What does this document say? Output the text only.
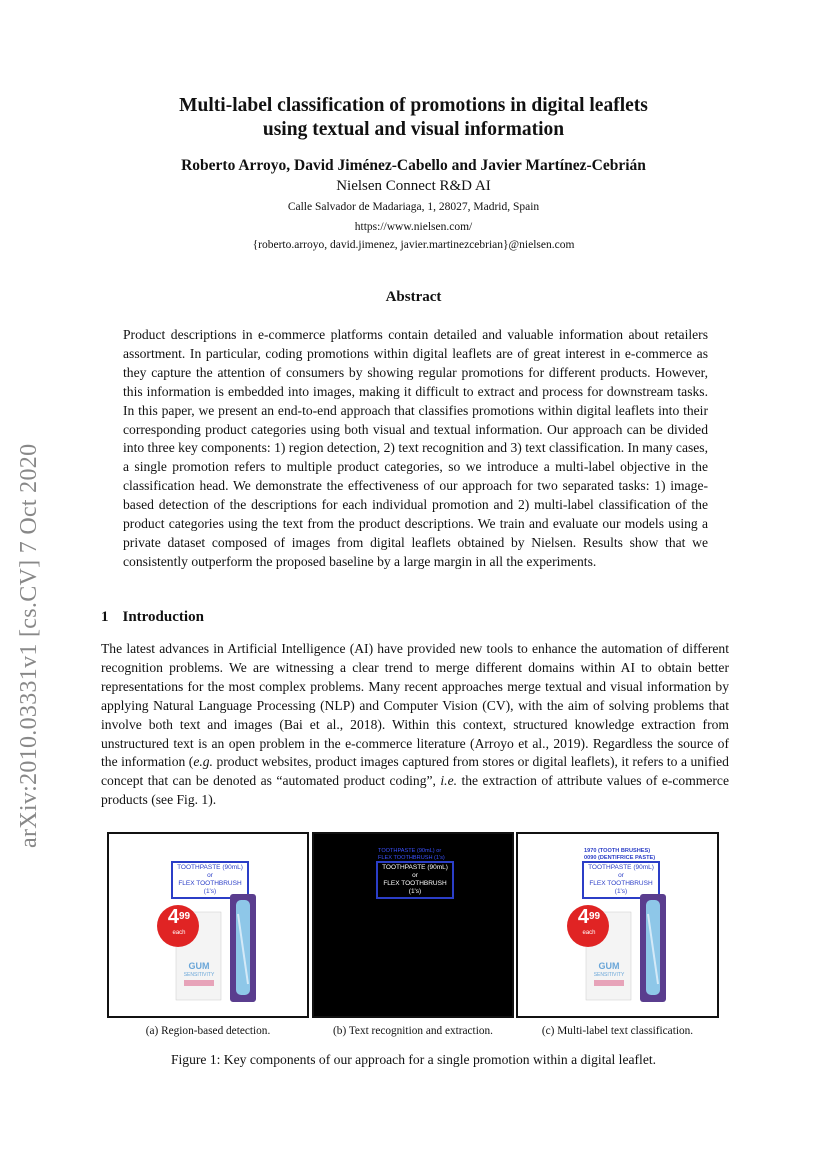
arXiv:2010.03331v1 [cs.CV] 7 Oct 2020
Multi-label classification of promotions in digital leaflets
using textual and visual information
Roberto Arroyo, David Jiménez-Cabello and Javier Martínez-Cebrián
Nielsen Connect R&D AI
Calle Salvador de Madariaga, 1, 28027, Madrid, Spain
https://www.nielsen.com/
{roberto.arroyo, david.jimenez, javier.martinezcebrian}@nielsen.com
Abstract
Product descriptions in e-commerce platforms contain detailed and valuable information about retailers assortment. In particular, coding promotions within digital leaflets are of great interest in e-commerce as they capture the attention of consumers by showing regular promotions for different products. However, this information is embedded into images, making it difficult to extract and process for downstream tasks. In this paper, we present an end-to-end approach that classifies promotions within digital leaflets into their corresponding product categories using both visual and textual information. Our approach can be divided into three key components: 1) region detection, 2) text recognition and 3) text classification. In many cases, a single promotion refers to multiple product categories, so we introduce a multi-label objective in the classification head. We demonstrate the effectiveness of our approach for two separated tasks: 1) image-based detection of the descriptions for each individual promotion and 2) multi-label classification of the product categories using the text from the product descriptions. We train and evaluate our models using a private dataset composed of images from digital leaflets obtained by Nielsen. Results show that we consistently outperform the proposed baseline by a large margin in all the experiments.
1 Introduction
The latest advances in Artificial Intelligence (AI) have provided new tools to enhance the automation of different recognition problems. We are witnessing a clear trend to merge different domains within AI to obtain better representations for the most complex problems. Many recent approaches merge textual and visual information by applying Natural Language Processing (NLP) and Computer Vision (CV), with the aim of solving problems that involve both text and images (Bai et al., 2018). Within this context, structured knowledge extraction from unstructured text is an open problem in the e-commerce literature (Arroyo et al., 2019). Regardless the source of the information (e.g. product websites, product images captured from stores or digital leaflets), it refers to a unified concept that can be denoted as “automated product coding”, i.e. the extraction of attribute values of e-commerce products (see Fig. 1).
TOOTHPASTE (90mL) or
FLEX TOOTHBRUSH (1's)
$4^{99}$
each
GUM
SENSITIVITY
TOOTHPASTE (90mL) or
FLEX TOOTHBRUSH (1's)
TOOTHPASTE (90mL) or
FLEX TOOTHBRUSH (1's)
1970 (TOOTH BRUSHES)
0090 (DENTIFRICE PASTE)
TOOTHPASTE (90mL) or
FLEX TOOTHBRUSH (1's)
$4^{99}$
each
GUM
SENSITIVITY
(a) Region-based detection.	(b) Text recognition and extraction.	(c) Multi-label text classification.
Figure 1: Key components of our approach for a single promotion within a digital leaflet.
